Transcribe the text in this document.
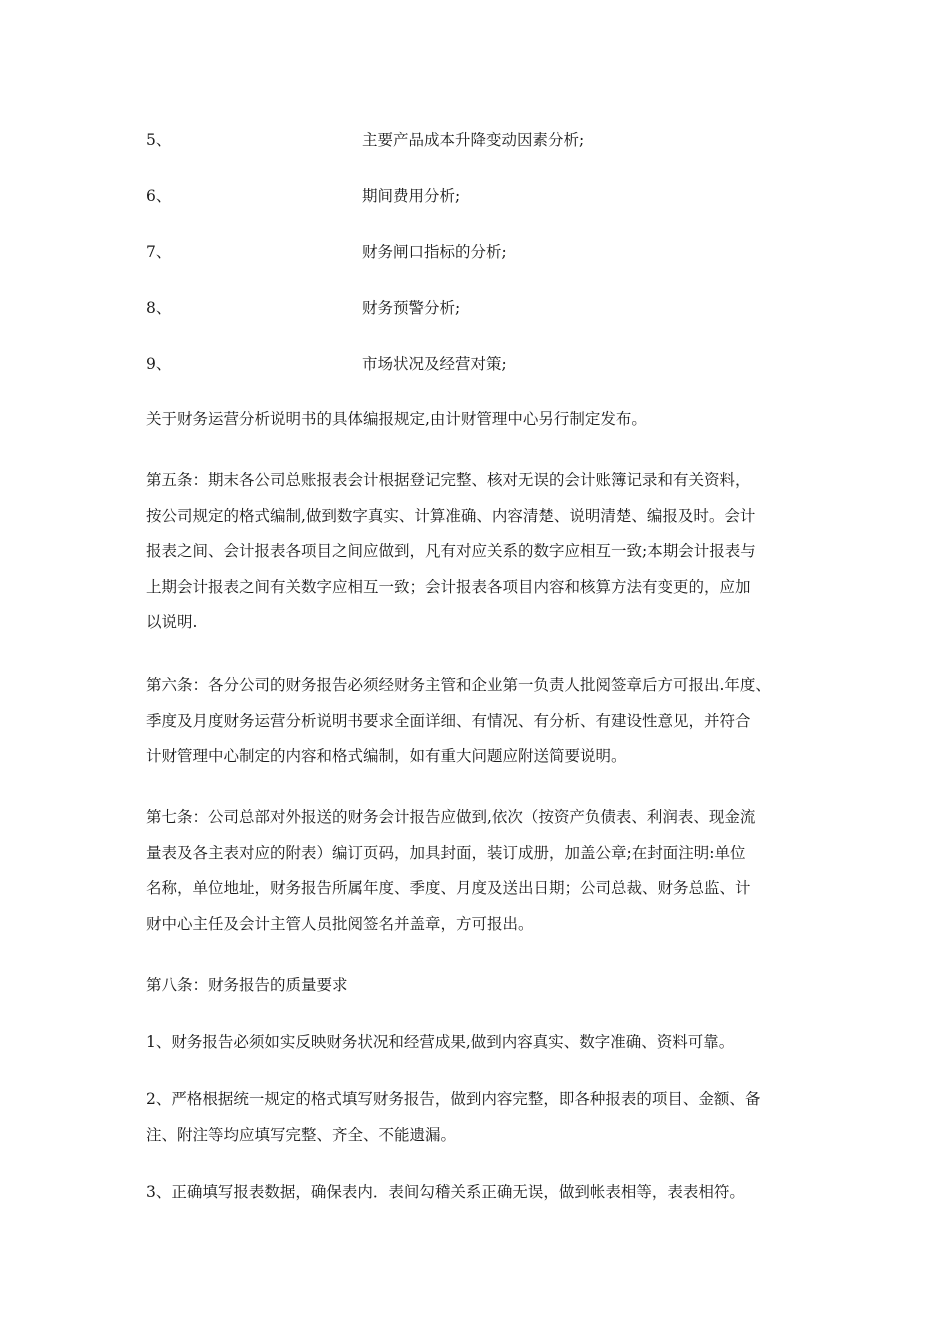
5、	主要产品成本升降变动因素分析;
6、	期间费用分析;
7、	财务闸口指标的分析;
8、	财务预警分析;
9、	市场状况及经营对策;
关于财务运营分析说明书的具体编报规定,由计财管理中心另行制定发布。
第五条：期末各公司总账报表会计根据登记完整、核对无误的会计账簿记录和有关资料，
按公司规定的格式编制,做到数字真实、计算准确、内容清楚、说明清楚、编报及时。会计
报表之间、会计报表各项目之间应做到，凡有对应关系的数字应相互一致;本期会计报表与
上期会计报表之间有关数字应相互一致；会计报表各项目内容和核算方法有变更的，应加
以说明.
第六条：各分公司的财务报告必须经财务主管和企业第一负责人批阅签章后方可报出.年度、
季度及月度财务运营分析说明书要求全面详细、有情况、有分析、有建设性意见，并符合
计财管理中心制定的内容和格式编制，如有重大问题应附送简要说明。
第七条：公司总部对外报送的财务会计报告应做到,依次（按资产负债表、利润表、现金流
量表及各主表对应的附表）编订页码，加具封面，装订成册，加盖公章;在封面注明:单位
名称，单位地址，财务报告所属年度、季度、月度及送出日期；公司总裁、财务总监、计
财中心主任及会计主管人员批阅签名并盖章，方可报出。
第八条：财务报告的质量要求
1、财务报告必须如实反映财务状况和经营成果,做到内容真实、数字准确、资料可靠。
2、严格根据统一规定的格式填写财务报告，做到内容完整，即各种报表的项目、金额、备
注、附注等均应填写完整、齐全、不能遗漏。
3、正确填写报表数据，确保表内．表间勾稽关系正确无误，做到帐表相等，表表相符。
